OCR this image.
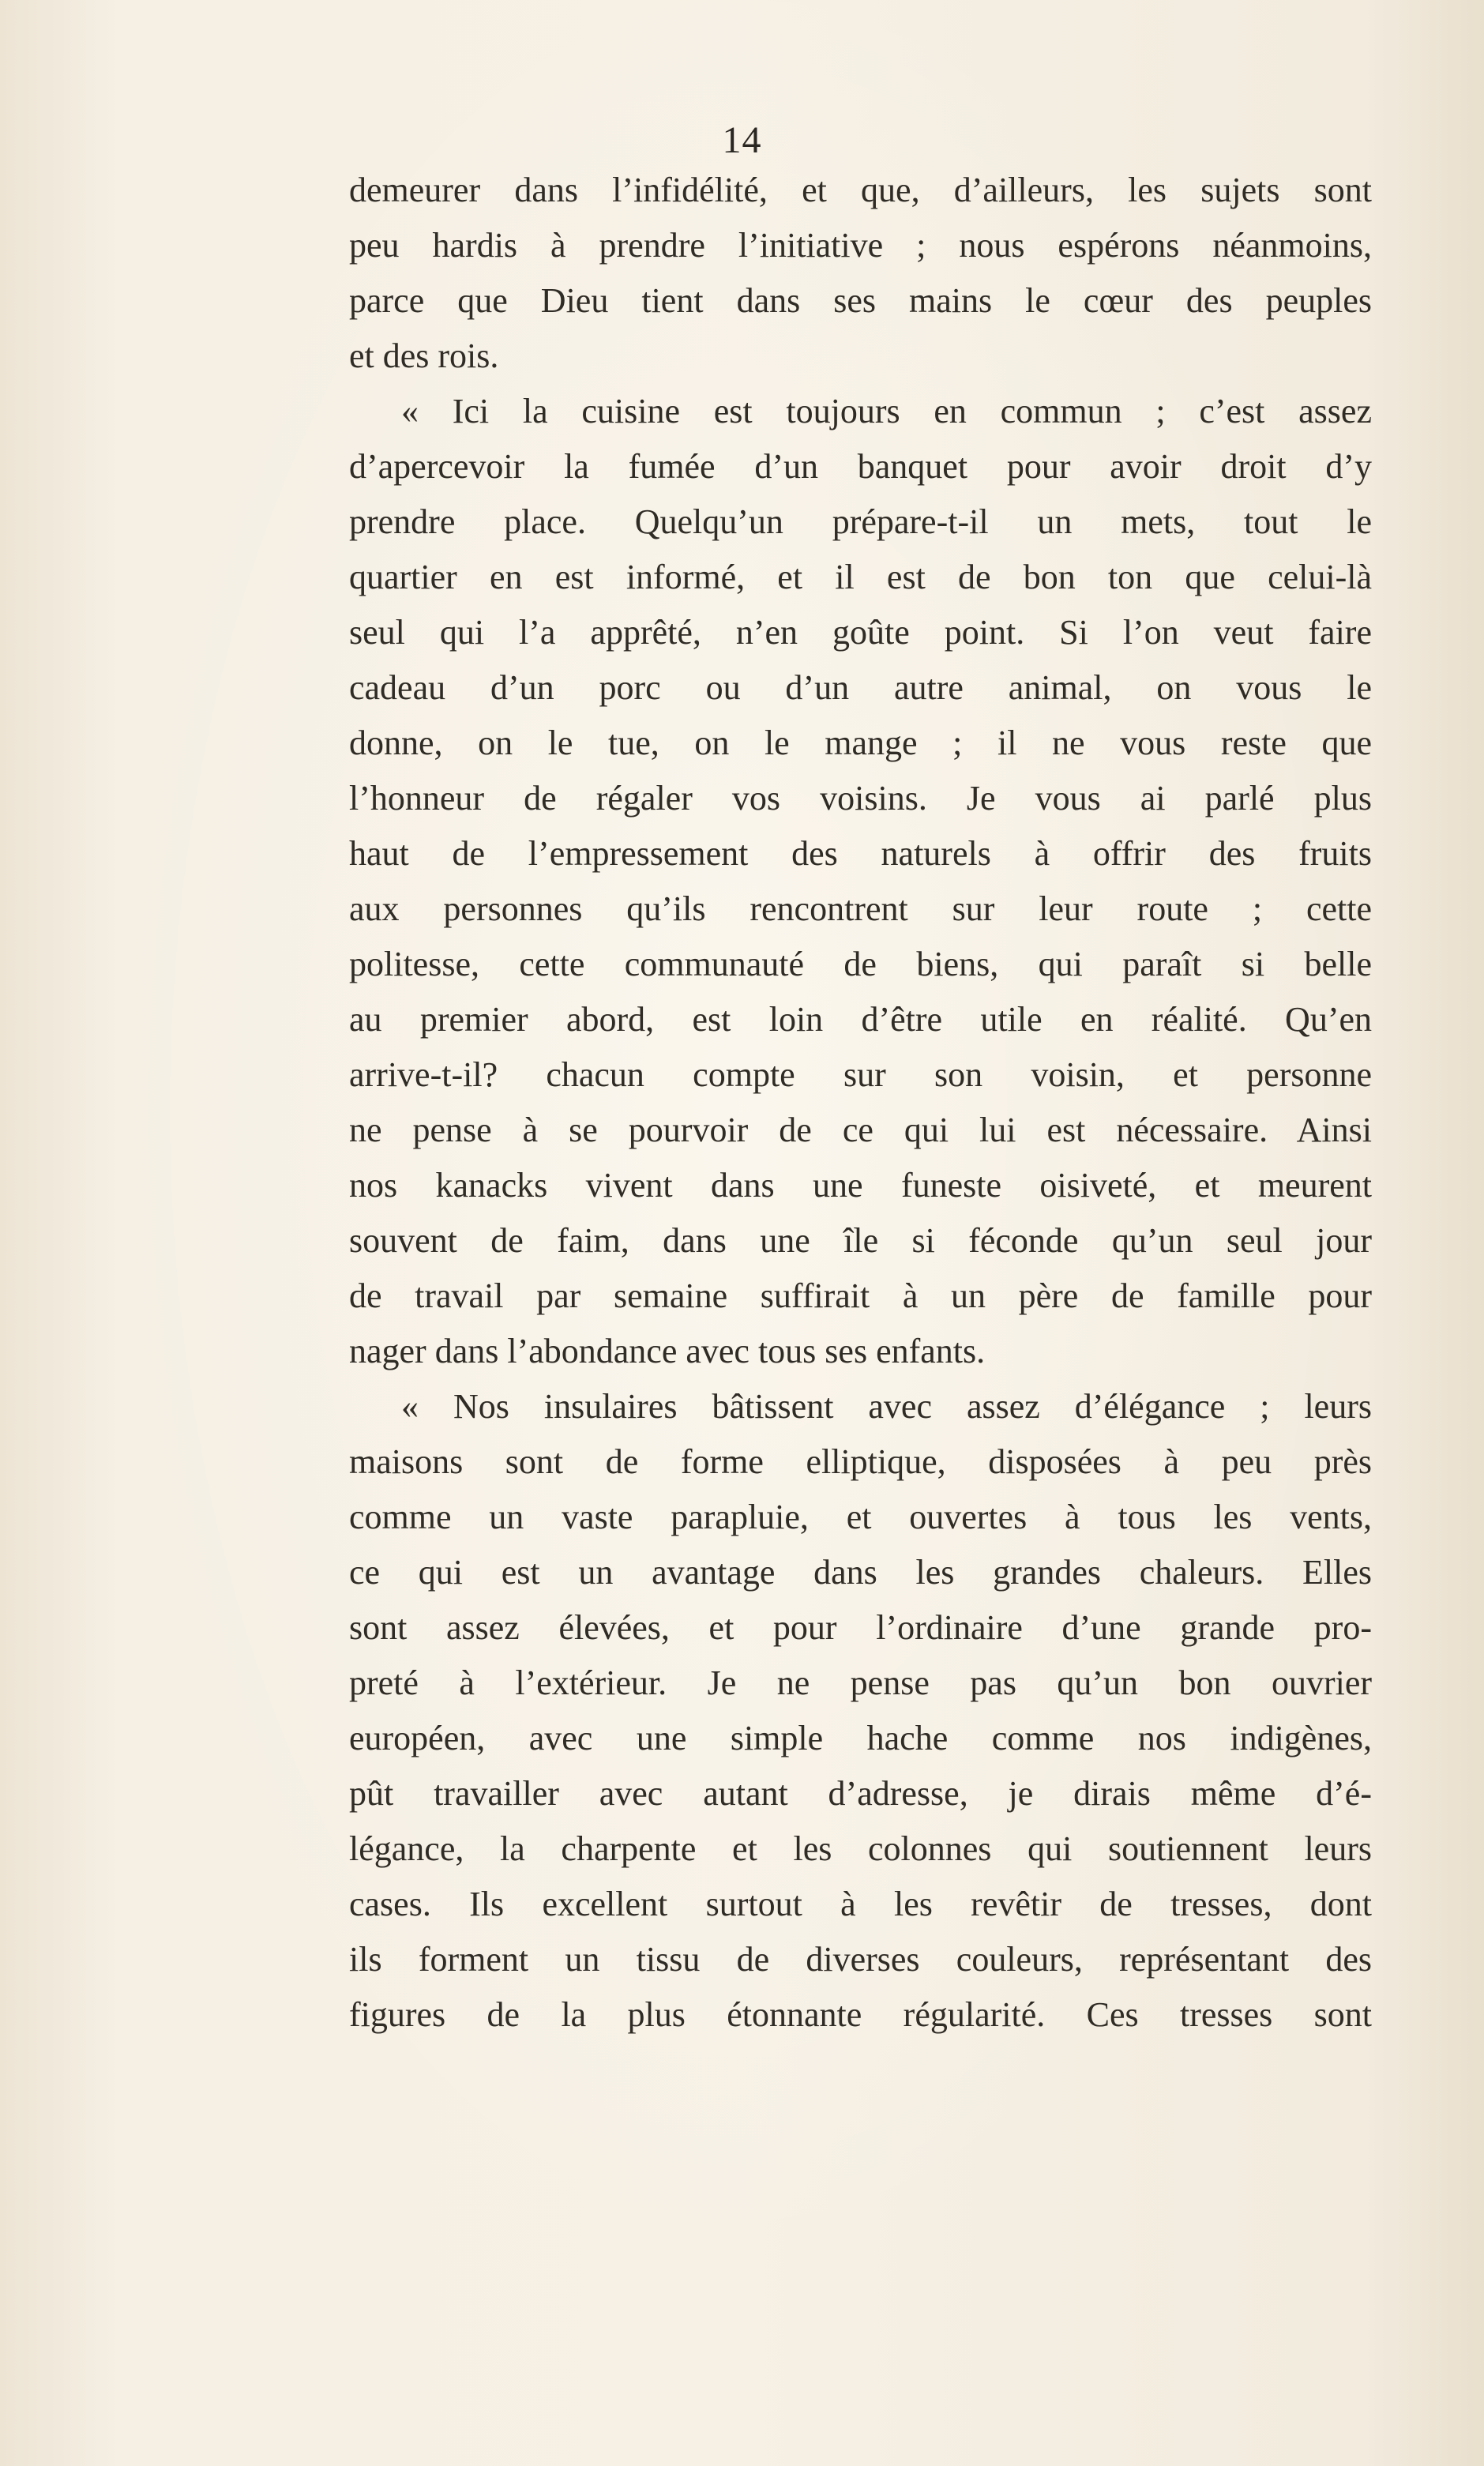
14
demeurer dans l’infidélité, et que, d’ailleurs, les sujets sont
peu hardis à prendre l’initiative ; nous espérons néanmoins,
parce que Dieu tient dans ses mains le cœur des peuples
et des rois.
« Ici la cuisine est toujours en commun ; c’est assez
d’apercevoir la fumée d’un banquet pour avoir droit d’y
prendre place. Quelqu’un prépare-t-il un mets, tout le
quartier en est informé, et il est de bon ton que celui-là
seul qui l’a apprêté, n’en goûte point. Si l’on veut faire
cadeau d’un porc ou d’un autre animal, on vous le
donne, on le tue, on le mange ; il ne vous reste que
l’honneur de régaler vos voisins. Je vous ai parlé plus
haut de l’empressement des naturels à offrir des fruits
aux personnes qu’ils rencontrent sur leur route ; cette
politesse, cette communauté de biens, qui paraît si belle
au premier abord, est loin d’être utile en réalité. Qu’en
arrive-t-il? chacun compte sur son voisin, et personne
ne pense à se pourvoir de ce qui lui est nécessaire. Ainsi
nos kanacks vivent dans une funeste oisiveté, et meurent
souvent de faim, dans une île si féconde qu’un seul jour
de travail par semaine suffirait à un père de famille pour
nager dans l’abondance avec tous ses enfants.
« Nos insulaires bâtissent avec assez d’élégance ; leurs
maisons sont de forme elliptique, disposées à peu près
comme un vaste parapluie, et ouvertes à tous les vents,
ce qui est un avantage dans les grandes chaleurs. Elles
sont assez élevées, et pour l’ordinaire d’une grande pro-
preté à l’extérieur. Je ne pense pas qu’un bon ouvrier
européen, avec une simple hache comme nos indigènes,
pût travailler avec autant d’adresse, je dirais même d’é-
légance, la charpente et les colonnes qui soutiennent leurs
cases. Ils excellent surtout à les revêtir de tresses, dont
ils forment un tissu de diverses couleurs, représentant des
figures de la plus étonnante régularité. Ces tresses sont
